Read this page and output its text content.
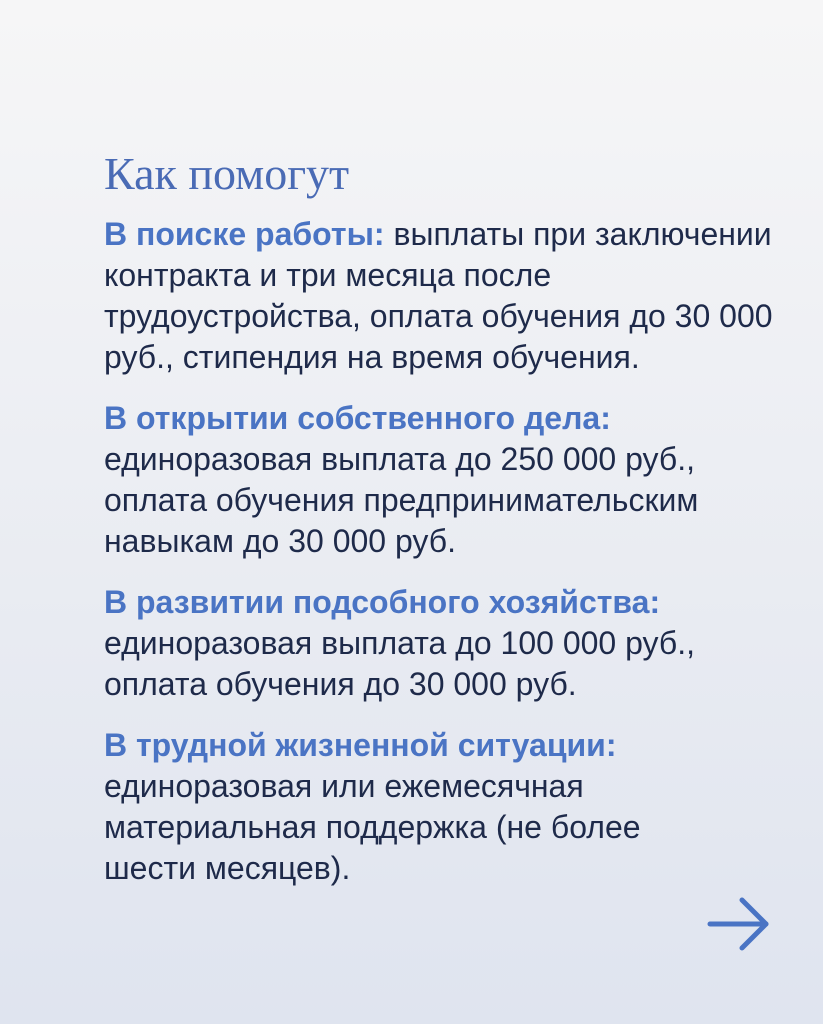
Как помогут

В поиске работы: выплаты при заключении контракта и три месяца после трудоустройства, оплата обучения до 30 000 руб., стипендия на время обучения.

В открытии собственного дела:
единоразовая выплата до 250 000 руб., оплата обучения предпринимательским навыкам до 30 000 руб.

В развитии подсобного хозяйства:
единоразовая выплата до 100 000 руб., оплата обучения до 30 000 руб.

В трудной жизненной ситуации:
единоразовая или ежемесячная материальная поддержка (не более шести месяцев).
